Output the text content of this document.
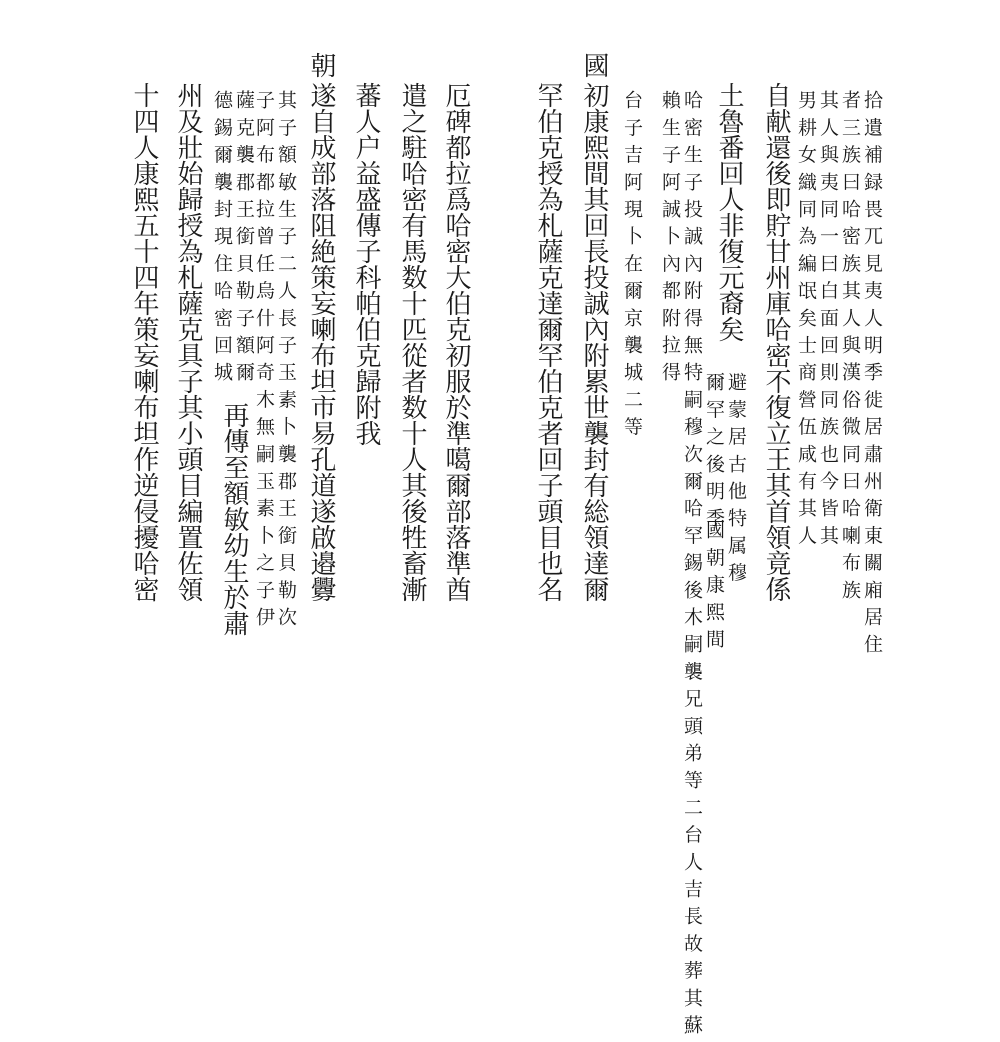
朝	國
自献還後即貯甘州庫哈密不復立王其首領竟係
土魯番回人非復元裔矣
初康熙間其回長投誠內附累世襲封有総領達爾
罕伯克授為札薩克達爾罕伯克者回子頭目也名
厄碑都拉爲哈密大伯克初服於準噶爾部落準酋
遣之駐哈密有馬数十匹從者数十人其後牲畜漸
蕃人户益盛傳子科帕伯克歸附我
遂自成部落阻絶策妄喇布坦市易孔道遂啟邉釁
州及壯始歸授為札薩克具子其小頭目編置佐領
十四人康熙五十四年策妄喇布坦作逆侵擾哈密	拾遺補録畏兀見夷人明季徙居肅州衛東關廂居住
者三族曰哈密族其人與漢俗微同曰哈喇布族
其人與夷同一曰白面回則同族也今皆其
男耕女織同為編氓矣士商營伍咸有其人
避蒙居古他特属穆
爾罕之後明季
國朝康熙間
哈密生子投誠內附得無特嗣穆次爾哈罕錫後木嗣襲兄頭弟等二台人吉長故葬其蘇
賴生子阿誠卜內都附拉得
台子吉阿現卜在爾京襲城二等
其子額敏生子二人長子玉素卜襲郡王銜貝勒次
子阿布都拉曾任烏什阿奇木無嗣玉素卜之子伊
薩克襲郡王銜貝勒子額爾
德錫爾襲封現住哈密回城
再傳至額敏幼生於肅
